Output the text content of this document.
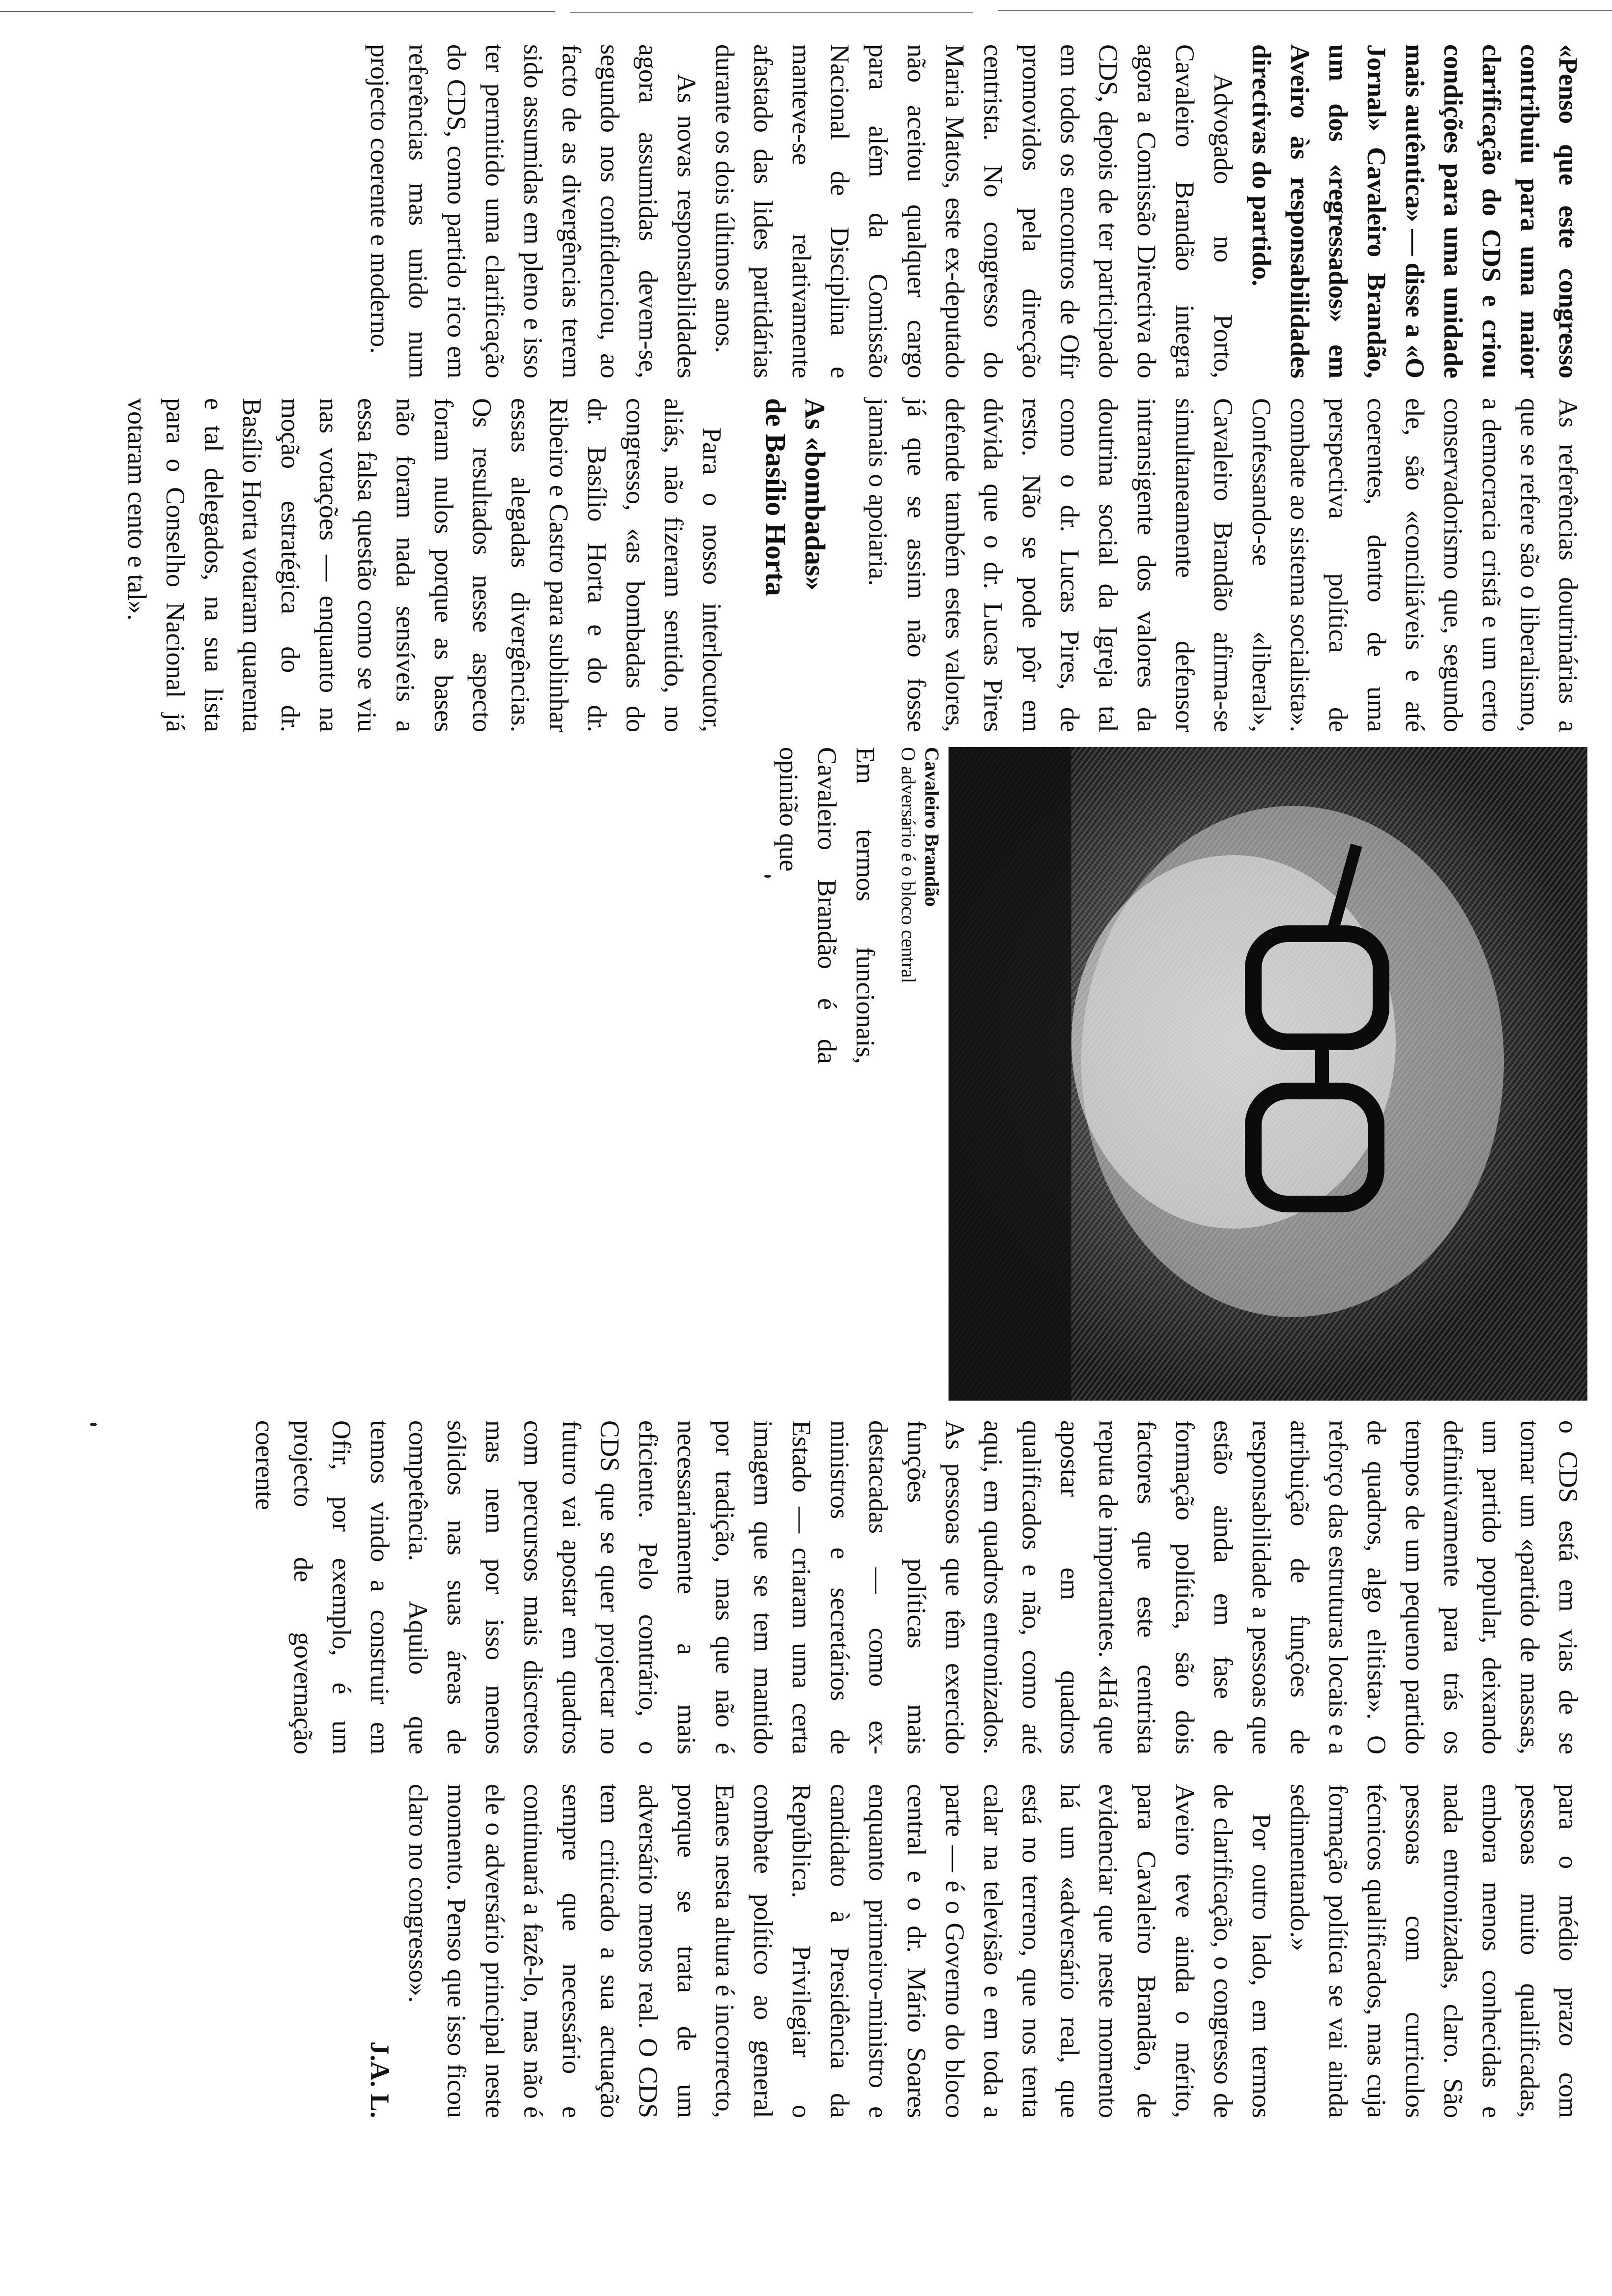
«Penso que este congresso contribuiu para uma maior clarificação do CDS e criou condições para uma unidade mais autêntica» — disse a «O Jornal» Cavaleiro Brandão, um dos «regressados» em Aveiro às responsabilidades directivas do partido.

Advogado no Porto, Cavaleiro Brandão integra agora a Comissão Directiva do CDS, depois de ter participado em todos os encontros de Ofir promovidos pela direcção centrista. No congresso do Maria Matos, este ex-deputado não aceitou qualquer cargo para além da Comissão Nacional de Disciplina e manteve-se relativamente afastado das lides partidárias durante os dois últimos anos.

As novas responsabilidades agora assumidas devem-se, segundo nos confidenciou, ao facto de as divergências terem sido assumidas em pleno e isso ter permitido uma clarificação do CDS, como partido rico em referências mas unido num projecto coerente e moderno.

As referências doutrinárias a que se refere são o liberalismo, a democracia cristã e um certo conservadorismo que, segundo ele, são «conciliáveis e até coerentes, dentro de uma perspectiva política de combate ao sistema socialista». Confessando-se «liberal», Cavaleiro Brandão afirma-se simultaneamente defensor intransigente dos valores da doutrina social da Igreja tal como o dr. Lucas Pires, de resto. Não se pode pôr em dúvida que o dr. Lucas Pires defende também estes valores, já que se assim não fosse jamais o apoiaria.

As «bombadas»
de Basílio Horta

Para o nosso interlocutor, aliás, não fizeram sentido, no congresso, «as bombadas do dr. Basílio Horta e do dr. Ribeiro e Castro para sublinhar essas alegadas divergências. Os resultados nesse aspecto foram nulos porque as bases não foram nada sensíveis a essa falsa questão como se viu nas votações — enquanto na moção estratégica do dr. Basílio Horta votaram quarenta e tal delegados, na sua lista para o Conselho Nacional já votaram cento e tal».

Cavaleiro Brandão
O adversário é o bloco central

Em termos funcionais, Cavaleiro Brandão é da opinião que

o CDS está em vias de se tornar um «partido de massas, um partido popular, deixando definitivamente para trás os tempos de um pequeno partido de quadros, algo elitista». O reforço das estruturas locais e a atribuição de funções de responsabilidade a pessoas que estão ainda em fase de formação política, são dois factores que este centrista reputa de importantes. «Há que apostar em quadros qualificados e não, como até aqui, em quadros entronizados. As pessoas que têm exercido funções políticas mais destacadas — como ex-ministros e secretários de Estado — criaram uma certa imagem que se tem mantido por tradição, mas que não é necessariamente a mais eficiente. Pelo contrário, o CDS que se quer projectar no futuro vai apostar em quadros com percursos mais discretos mas nem por isso menos sólidos nas suas áreas de competência. Aquilo que temos vindo a construir em Ofir, por exemplo, é um projecto de governação coerente

para o médio prazo com pessoas muito qualificadas, embora menos conhecidas e nada entronizadas, claro. São pessoas com curriculos técnicos qualificados, mas cuja formação política se vai ainda sedimentando.»

Por outro lado, em termos de clarificação, o congresso de Aveiro teve ainda o mérito, para Cavaleiro Brandão, de evidenciar que neste momento há um «adversário real, que está no terreno, que nos tenta calar na televisão e em toda a parte — é o Governo do bloco central e o dr. Mário Soares enquanto primeiro-ministro e candidato à Presidência da República. Privilegiar o combate político ao general Eanes nesta altura é incorrecto, porque se trata de um adversário menos real. O CDS tem criticado a sua actuação sempre que necessário e continuará a fazê-lo, mas não é ele o adversário principal neste momento. Penso que isso ficou claro no congresso».

J.A. L.
